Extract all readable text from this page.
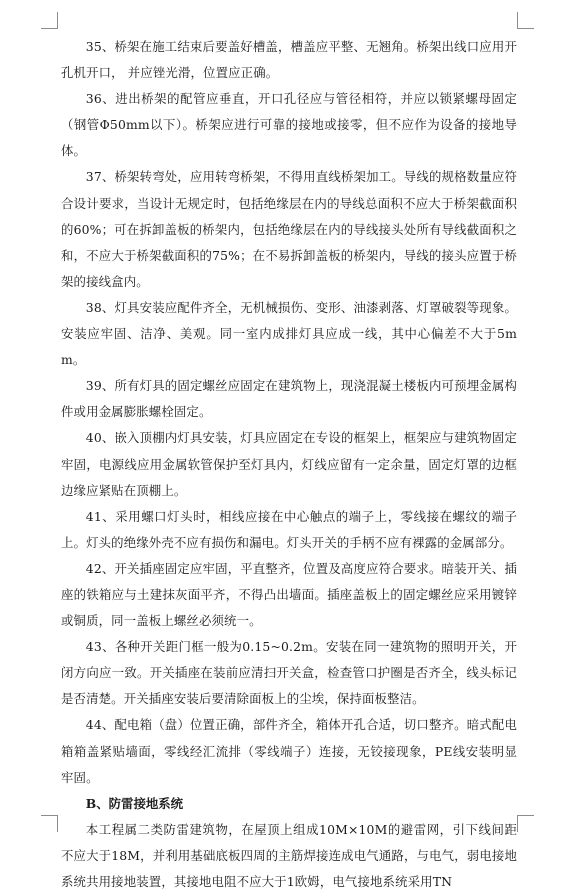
35、桥架在施工结束后要盖好槽盖，槽盖应平整、无翘角。桥架出线口应用开孔机开口， 并应锉光滑，位置应正确。

36、进出桥架的配管应垂直，开口孔径应与管径相符，并应以锁紧螺母固定（钢管Φ50mm以下）。桥架应进行可靠的接地或接零，但不应作为设备的接地导体。

37、桥架转弯处，应用转弯桥架，不得用直线桥架加工。导线的规格数量应符合设计要求，当设计无规定时，包括绝缘层在内的导线总面积不应大于桥架截面积的60%；可在拆卸盖板的桥架内，包括绝缘层在内的导线接头处所有导线截面积之和，不应大于桥架截面积的75%；在不易拆卸盖板的桥架内，导线的接头应置于桥架的接线盒内。

38、灯具安装应配件齐全，无机械损伤、变形、油漆剥落、灯罩破裂等现象。安装应牢固、洁净、美观。同一室内成排灯具应成一线，其中心偏差不大于5mm。

39、所有灯具的固定螺丝应固定在建筑物上，现浇混凝土楼板内可预埋金属构件或用金属膨胀螺栓固定。

40、嵌入顶棚内灯具安装，灯具应固定在专设的框架上，框架应与建筑物固定牢固，电源线应用金属软管保护至灯具内，灯线应留有一定余量，固定灯罩的边框边缘应紧贴在顶棚上。

41、采用螺口灯头时，相线应接在中心触点的端子上，零线接在螺纹的端子上。灯头的绝缘外壳不应有损伤和漏电。灯头开关的手柄不应有裸露的金属部分。

42、开关插座固定应牢固，平直整齐，位置及高度应符合要求。暗装开关、插座的铁箱应与土建抹灰面平齐，不得凸出墙面。插座盖板上的固定螺丝应采用镀锌或铜质，同一盖板上螺丝必须统一。

43、各种开关距门框一般为0.15~0.2m。安装在同一建筑物的照明开关，开闭方向应一致。开关插座在装前应清扫开关盒，检查管口护圈是否齐全，线头标记是否清楚。开关插座安装后要清除面板上的尘埃，保持面板整洁。

44、配电箱（盘）位置正确，部件齐全，箱体开孔合适，切口整齐。暗式配电箱箱盖紧贴墙面，零线经汇流排（零线端子）连接，无铰接现象，PE线安装明显牢固。

B、防雷接地系统

本工程属二类防雷建筑物，在屋顶上组成10M×10M的避雷网，引下线间距不应大于18M，并利用基础底板四周的主筋焊接连成电气通路，与电气，弱电接地系统共用接地装置，其接地电阻不应大于1欧姆，电气接地系统采用TN
